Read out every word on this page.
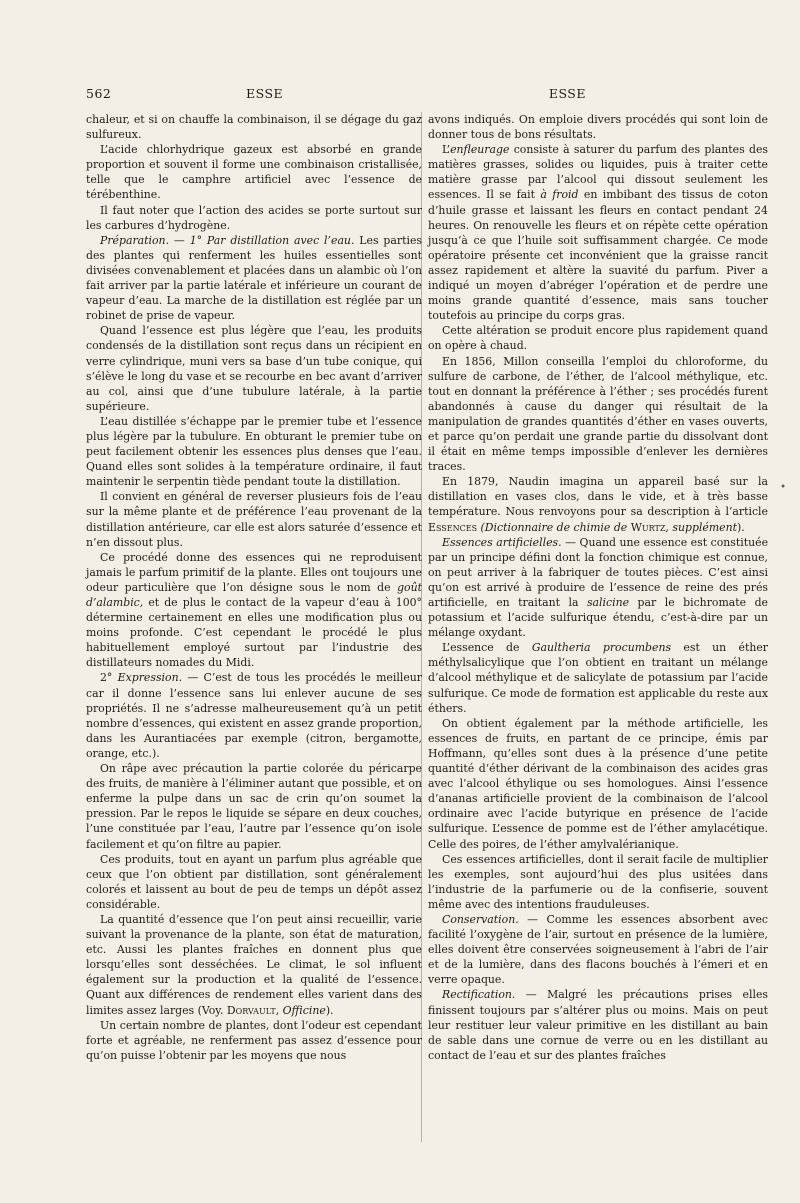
562	ESSE	ESSE

chaleur, et si on chauffe la combinaison, il se dégage du gaz sulfureux.

L’acide chlorhydrique gazeux est absorbé en grande proportion et souvent il forme une combinaison cristallisée, telle que le camphre artificiel avec l’essence de térébenthine.

Il faut noter que l’action des acides se porte surtout sur les carbures d’hydrogène.

Préparation. — 1° Par distillation avec l’eau. Les parties des plantes qui renferment les huiles essentielles sont divisées convenablement et placées dans un alambic où l’on fait arriver par la partie latérale et inférieure un courant de vapeur d’eau. La marche de la distillation est réglée par un robinet de prise de vapeur.

Quand l’essence est plus légère que l’eau, les produits condensés de la distillation sont reçus dans un récipient en verre cylindrique, muni vers sa base d’un tube conique, qui s’élève le long du vase et se recourbe en bec avant d’arriver au col, ainsi que d’une tubulure latérale, à la partie supérieure.

L’eau distillée s’échappe par le premier tube et l’essence plus légère par la tubulure. En obturant le premier tube on peut facilement obtenir les essences plus denses que l’eau. Quand elles sont solides à la température ordinaire, il faut maintenir le serpentin tiède pendant toute la distillation.

Il convient en général de reverser plusieurs fois de l’eau sur la même plante et de préférence l’eau provenant de la distillation antérieure, car elle est alors saturée d’essence et n’en dissout plus.

Ce procédé donne des essences qui ne reproduisent jamais le parfum primitif de la plante. Elles ont toujours une odeur particulière que l’on désigne sous le nom de goût d’alambic, et de plus le contact de la vapeur d’eau à 100° détermine certainement en elles une modification plus ou moins profonde. C’est cependant le procédé le plus habituellement employé surtout par l’industrie des distillateurs nomades du Midi.

2° Expression. — C’est de tous les procédés le meilleur car il donne l’essence sans lui enlever aucune de ses propriétés. Il ne s’adresse malheureusement qu’à un petit nombre d’essences, qui existent en assez grande proportion, dans les Aurantiacées par exemple (citron, bergamotte, orange, etc.).

On râpe avec précaution la partie colorée du péricarpe des fruits, de manière à l’éliminer autant que possible, et on enferme la pulpe dans un sac de crin qu’on soumet la pression. Par le repos le liquide se sépare en deux couches, l’une constituée par l’eau, l’autre par l’essence qu’on isole facilement et qu’on filtre au papier.

Ces produits, tout en ayant un parfum plus agréable que ceux que l’on obtient par distillation, sont généralement colorés et laissent au bout de peu de temps un dépôt assez considérable.

La quantité d’essence que l’on peut ainsi recueillir, varie suivant la provenance de la plante, son état de maturation, etc. Aussi les plantes fraîches en donnent plus que lorsqu’elles sont desséchées. Le climat, le sol influent également sur la production et la qualité de l’essence. Quant aux différences de rendement elles varient dans des limites assez larges (Voy. Dorvault, Officine).

Un certain nombre de plantes, dont l’odeur est cependant forte et agréable, ne renferment pas assez d’essence pour qu’on puisse l’obtenir par les moyens que nous

avons indiqués. On emploie divers procédés qui sont loin de donner tous de bons résultats.

L’enfleurage consiste à saturer du parfum des plantes des matières grasses, solides ou liquides, puis à traiter cette matière grasse par l’alcool qui dissout seulement les essences. Il se fait à froid en imbibant des tissus de coton d’huile grasse et laissant les fleurs en contact pendant 24 heures. On renouvelle les fleurs et on répète cette opération jusqu’à ce que l’huile soit suffisamment chargée. Ce mode opératoire présente cet inconvénient que la graisse rancit assez rapidement et altère la suavité du parfum. Piver a indiqué un moyen d’abréger l’opération et de perdre une moins grande quantité d’essence, mais sans toucher toutefois au principe du corps gras.

Cette altération se produit encore plus rapidement quand on opère à chaud.

En 1856, Millon conseilla l’emploi du chloroforme, du sulfure de carbone, de l’éther, de l’alcool méthylique, etc. tout en donnant la préférence à l’éther ; ses procédés furent abandonnés à cause du danger qui résultait de la manipulation de grandes quantités d’éther en vases ouverts, et parce qu’on perdait une grande partie du dissolvant dont il était en même temps impossible d’enlever les dernières traces.

En 1879, Naudin imagina un appareil basé sur la distillation en vases clos, dans le vide, et à très basse température. Nous renvoyons pour sa description à l’article Essences (Dictionnaire de chimie de Wurtz, supplément).

Essences artificielles. — Quand une essence est constituée par un principe défini dont la fonction chimique est connue, on peut arriver à la fabriquer de toutes pièces. C’est ainsi qu’on est arrivé à produire de l’essence de reine des prés artificielle, en traitant la salicine par le bichromate de potassium et l’acide sulfurique étendu, c’est-à-dire par un mélange oxydant.

L’essence de Gaultheria procumbens est un éther méthylsalicylique que l’on obtient en traitant un mélange d’alcool méthylique et de salicylate de potassium par l’acide sulfurique. Ce mode de formation est applicable du reste aux éthers.

On obtient également par la méthode artificielle, les essences de fruits, en partant de ce principe, émis par Hoffmann, qu’elles sont dues à la présence d’une petite quantité d’éther dérivant de la combinaison des acides gras avec l’alcool éthylique ou ses homologues. Ainsi l’essence d’ananas artificielle provient de la combinaison de l’alcool ordinaire avec l’acide butyrique en présence de l’acide sulfurique. L’essence de pomme est de l’éther amylacétique. Celle des poires, de l’éther amylvalérianique.

Ces essences artificielles, dont il serait facile de multiplier les exemples, sont aujourd’hui des plus usitées dans l’industrie de la parfumerie ou de la confiserie, souvent même avec des intentions frauduleuses.

Conservation. — Comme les essences absorbent avec facilité l’oxygène de l’air, surtout en présence de la lumière, elles doivent être conservées soigneusement à l’abri de l’air et de la lumière, dans des flacons bouchés à l’émeri et en verre opaque.

Rectification. — Malgré les précautions prises elles finissent toujours par s’altérer plus ou moins. Mais on peut leur restituer leur valeur primitive en les distillant au bain de sable dans une cornue de verre ou en les distillant au contact de l’eau et sur des plantes fraîches

•
